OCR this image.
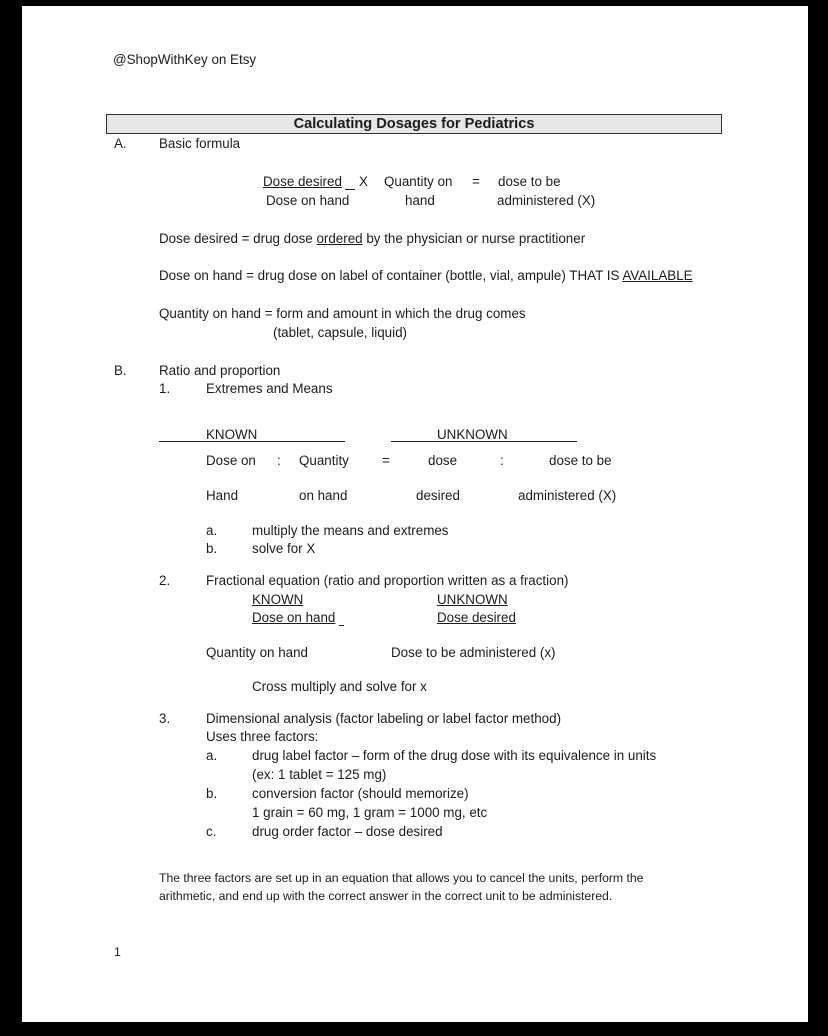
@ShopWithKey on Etsy
Calculating Dosages for Pediatrics
A. Basic formula
Dose desired X Quantity on = dose to be
Dose on hand	hand	administered (X)
Dose desired = drug dose ordered by the physician or nurse practitioner
Dose on hand = drug dose on label of container (bottle, vial, ampule) THAT IS AVAILABLE
Quantity on hand = form and amount in which the drug comes
(tablet, capsule, liquid)
B. Ratio and proportion
1.	Extremes and Means
KNOWN	UNKNOWN
Dose on : Quantity =	dose	:	dose to be
Hand	on hand	desired	administered (X)
a.	multiply the means and extremes
b.	solve for X
2.	Fractional equation (ratio and proportion written as a fraction)
KNOWN	UNKNOWN
Dose on hand	Dose desired
Quantity on hand	Dose to be administered (x)
Cross multiply and solve for x
3.	Dimensional analysis (factor labeling or label factor method)
Uses three factors:
a.	drug label factor – form of the drug dose with its equivalence in units
(ex: 1 tablet = 125 mg)
b.	conversion factor (should memorize)
1 grain = 60 mg, 1 gram = 1000 mg, etc
c.	drug order factor – dose desired
The three factors are set up in an equation that allows you to cancel the units, perform the
arithmetic, and end up with the correct answer in the correct unit to be administered.
1
